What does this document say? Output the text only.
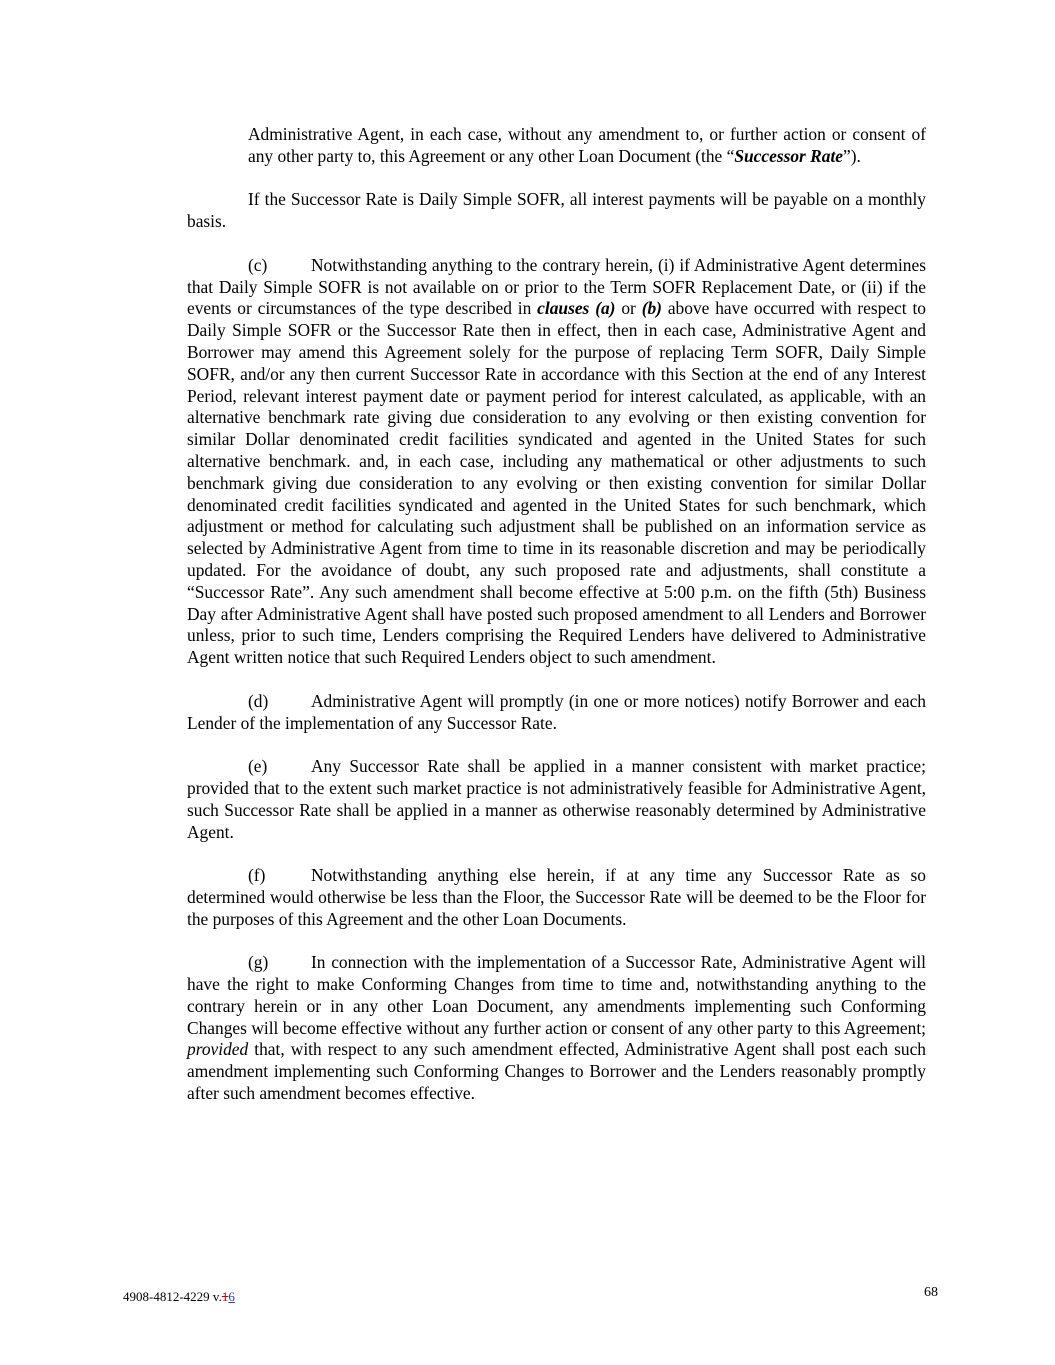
Administrative Agent, in each case, without any amendment to, or further action or consent of any other party to, this Agreement or any other Loan Document (the “Successor Rate”).

If the Successor Rate is Daily Simple SOFR, all interest payments will be payable on a monthly basis.

(c)	Notwithstanding anything to the contrary herein, (i) if Administrative Agent determines that Daily Simple SOFR is not available on or prior to the Term SOFR Replacement Date, or (ii) if the events or circumstances of the type described in clauses (a) or (b) above have occurred with respect to Daily Simple SOFR or the Successor Rate then in effect, then in each case, Administrative Agent and Borrower may amend this Agreement solely for the purpose of replacing Term SOFR, Daily Simple SOFR, and/or any then current Successor Rate in accordance with this Section at the end of any Interest Period, relevant interest payment date or payment period for interest calculated, as applicable, with an alternative benchmark rate giving due consideration to any evolving or then existing convention for similar Dollar denominated credit facilities syndicated and agented in the United States for such alternative benchmark. and, in each case, including any mathematical or other adjustments to such benchmark giving due consideration to any evolving or then existing convention for similar Dollar denominated credit facilities syndicated and agented in the United States for such benchmark, which adjustment or method for calculating such adjustment shall be published on an information service as selected by Administrative Agent from time to time in its reasonable discretion and may be periodically updated. For the avoidance of doubt, any such proposed rate and adjustments, shall constitute a “Successor Rate”. Any such amendment shall become effective at 5:00 p.m. on the fifth (5th) Business Day after Administrative Agent shall have posted such proposed amendment to all Lenders and Borrower unless, prior to such time, Lenders comprising the Required Lenders have delivered to Administrative Agent written notice that such Required Lenders object to such amendment.

(d) Administrative Agent will promptly (in one or more notices) notify Borrower and each Lender of the implementation of any Successor Rate.

(e)	Any Successor Rate shall be applied in a manner consistent with market practice; provided that to the extent such market practice is not administratively feasible for Administrative Agent, such Successor Rate shall be applied in a manner as otherwise reasonably determined by Administrative Agent.

(f)	Notwithstanding anything else herein, if at any time any Successor Rate as so determined would otherwise be less than the Floor, the Successor Rate will be deemed to be the Floor for the purposes of this Agreement and the other Loan Documents.

(g) In connection with the implementation of a Successor Rate, Administrative Agent will have the right to make Conforming Changes from time to time and, notwithstanding anything to the contrary herein or in any other Loan Document, any amendments implementing such Conforming Changes will become effective without any further action or consent of any other party to this Agreement; provided that, with respect to any such amendment effected, Administrative Agent shall post each such amendment implementing such Conforming Changes to Borrower and the Lenders reasonably promptly after such amendment becomes effective.

4908-4812-4229 v.16	68
